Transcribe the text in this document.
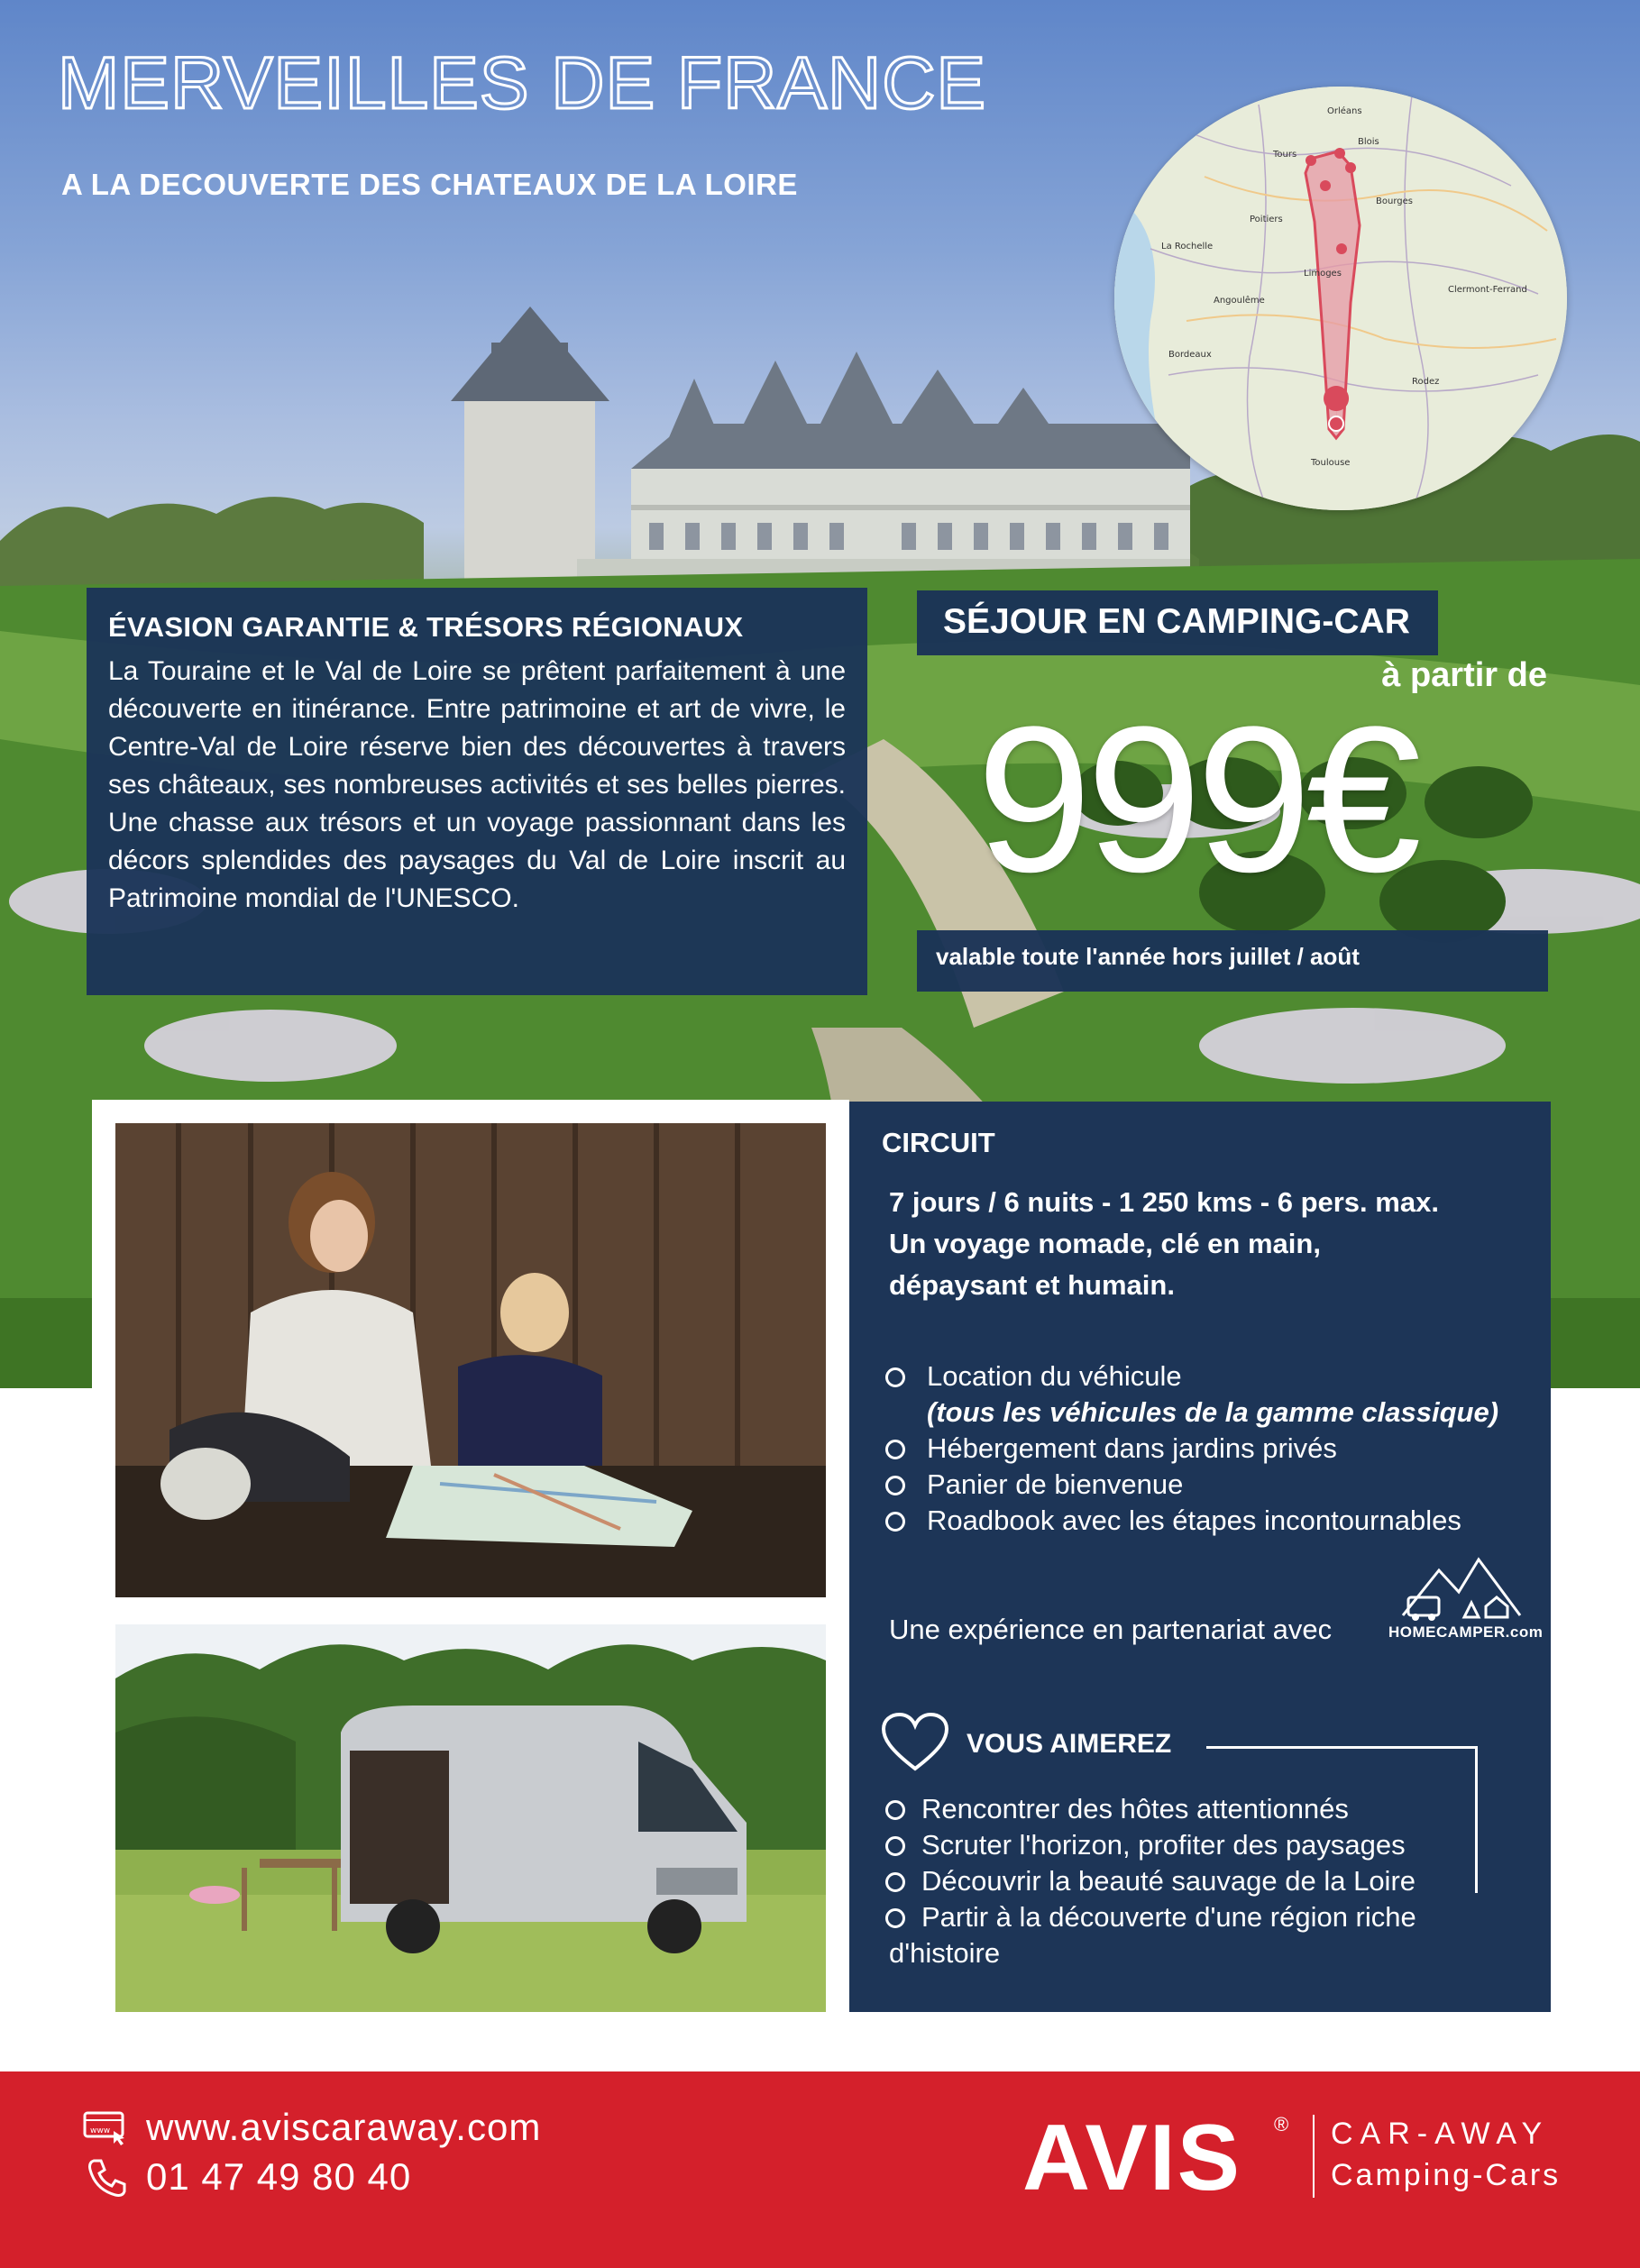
MERVEILLES DE FRANCE

A LA DECOUVERTE DES CHATEAUX DE LA LOIRE

Orléans
Tours
Blois
Bourges
Poitiers
Limoges
Clermont-Ferrand
Bordeaux
Toulouse
La Rochelle
Rodez
Angoulême
ÉVASION GARANTIE & TRÉSORS RÉGIONAUX

La Touraine et le Val de Loire se prêtent parfaitement à une découverte en itinérance. Entre patrimoine et art de vivre, le Centre-Val de Loire réserve bien des découvertes à travers ses châteaux, ses nombreuses activités et ses belles pierres. Une chasse aux trésors et un voyage passionnant dans les décors splendides des paysages du Val de Loire inscrit au Patrimoine mondial de l'UNESCO.

SÉJOUR EN CAMPING-CAR

à partir de

999€

valable toute l'année hors juillet / août

CIRCUIT

7 jours / 6 nuits - 1 250 kms - 6 pers. max.
Un voyage nomade, clé en main,
dépaysant et humain.

Location du véhicule
(tous les véhicules de la gamme classique)
Hébergement dans jardins privés
Panier de bienvenue
Roadbook avec les étapes incontournables

Une expérience en partenariat avec	HOMECAMPER.com

VOUS AIMEREZ

Rencontrer des hôtes attentionnés
Scruter l'horizon, profiter des paysages
Découvrir la beauté sauvage de la Loire
Partir à la découverte d'une région riche
d'histoire
www www.aviscaraway.com

01 47 49 80 40	AVIS ® CAR-AWAY

Camping-Cars
